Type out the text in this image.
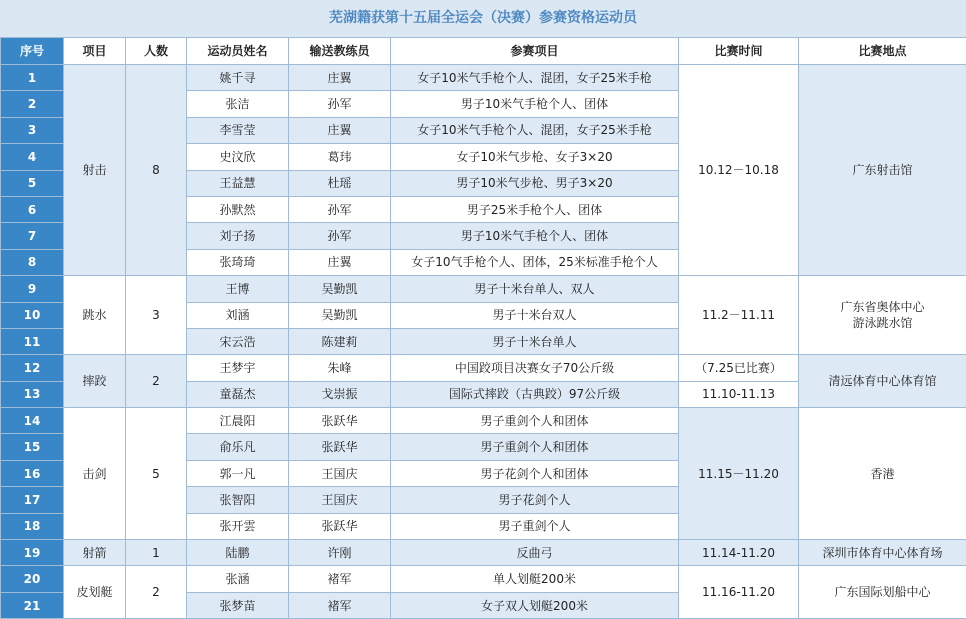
芜湖籍获第十五届全运会（决赛）参赛资格运动员
序号	项目	人数	运动员姓名	输送教练员	参赛项目	比赛时间	比赛地点
1	射击	8	姚千寻	庄翼	女子10米气手枪个人、混团，女子25米手枪	10.12－10.18	广东射击馆
2			张洁	孙军	男子10米气手枪个人、团体		
3			李雪莹	庄翼	女子10米气手枪个人、混团，女子25米手枪		
4			史汶欣	葛玮	女子10米气步枪、女子3×20		
5			王益慧	杜瑶	男子10米气步枪、男子3×20		
6			孙默然	孙军	男子25米手枪个人、团体		
7			刘子扬	孙军	男子10米气手枪个人、团体		
8			张琦琦	庄翼	女子10气手枪个人、团体，25米标准手枪个人		
9	跳水	3	王博	吴勤凯	男子十米台单人、双人	11.2－11.11	广东省奥体中心
游泳跳水馆
10			刘涵	吴勤凯	男子十米台双人		
11			宋云浩	陈建莉	男子十米台单人		
12	摔跤	2	王梦宇	朱峰	中国跤项目决赛女子70公斤级	（7.25已比赛）	清远体育中心体育馆
13			童磊杰	戈崇振	国际式摔跤（古典跤）97公斤级	11.10-11.13	
14	击剑	5	江晨阳	张跃华	男子重剑个人和团体	11.15－11.20	香港
15			俞乐凡	张跃华	男子重剑个人和团体		
16			郭一凡	王国庆	男子花剑个人和团体		
17			张智阳	王国庆	男子花剑个人		
18			张开雲	张跃华	男子重剑个人		
19	射箭	1	陆鹏	许刚	反曲弓	11.14-11.20	深圳市体育中心体育场
20	皮划艇	2	张涵	褚军	单人划艇200米	11.16-11.20	广东国际划船中心
21			张梦苗	褚军	女子双人划艇200米		
